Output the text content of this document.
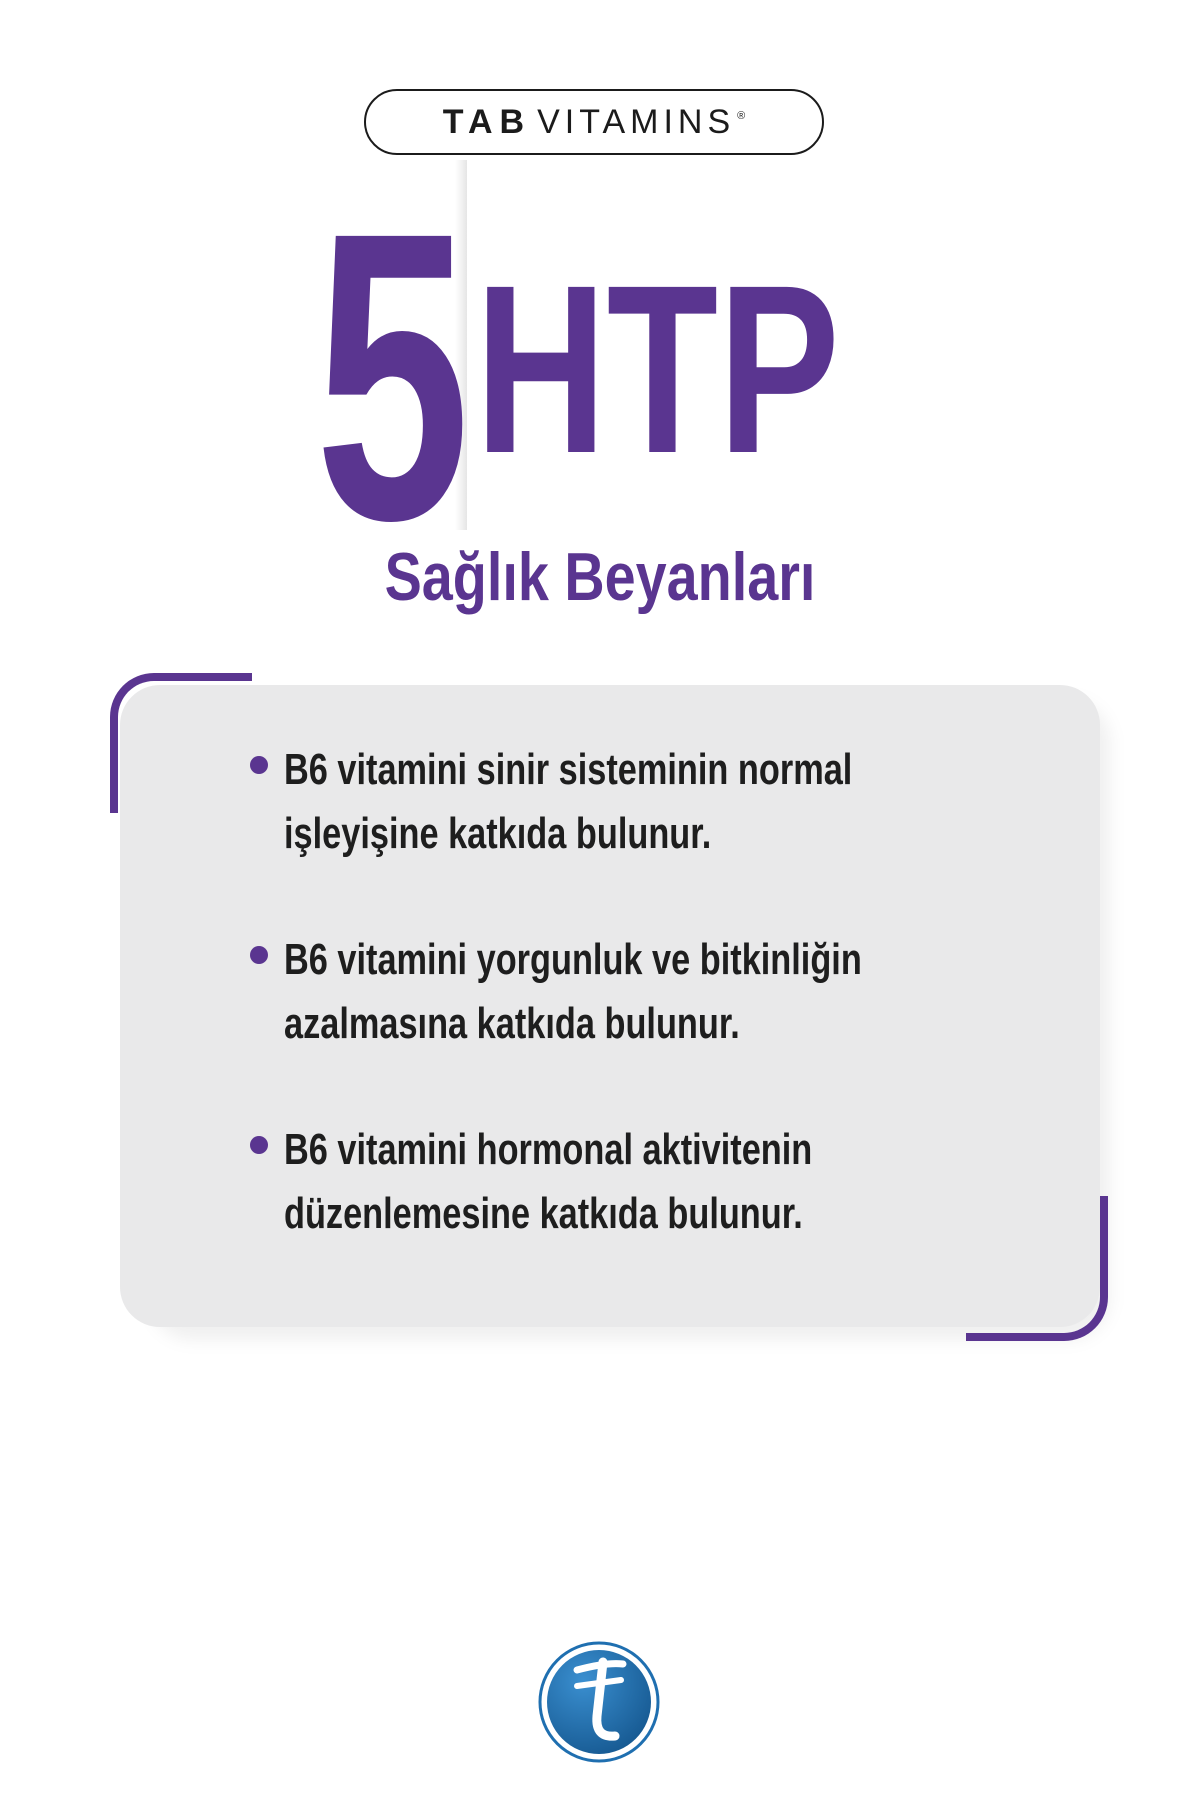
TAB VITAMINS ®
5 HTP
Sağlık Beyanları
B6 vitamini sinir sisteminin normal
işleyişine katkıda bulunur.
B6 vitamini yorgunluk ve bitkinliğin
azalmasına katkıda bulunur.
B6 vitamini hormonal aktivitenin
düzenlemesine katkıda bulunur.
